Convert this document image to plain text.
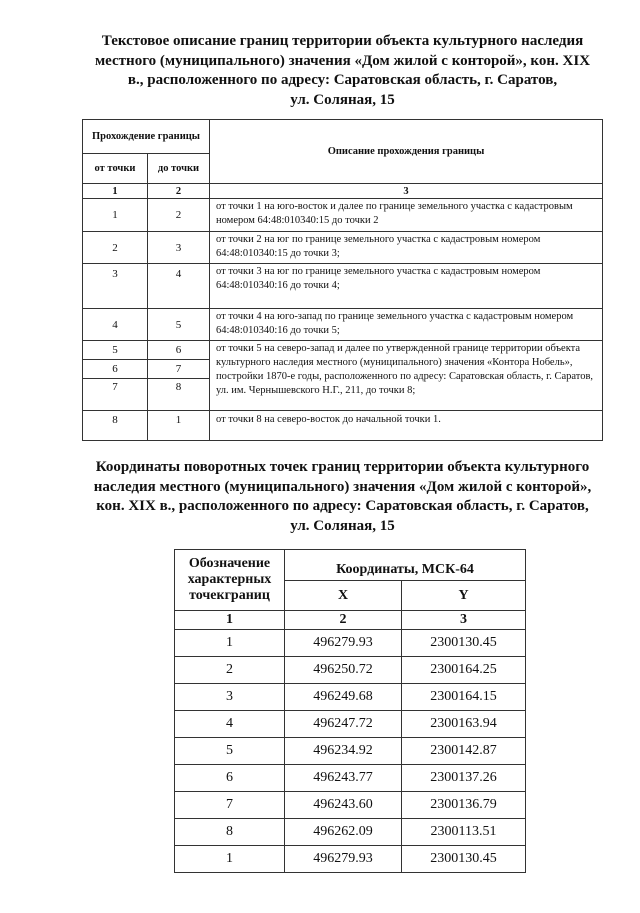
Текстовое описание границ территории объекта культурного наследия
местного (муниципального) значения «Дом жилой с конторой», кон. XIX
в., расположенного по адресу: Саратовская область, г. Саратов,
ул. Соляная, 15
Прохождение границы		Описание прохождения границы
от точки	до точки	
1	2	3
1	2	от точки 1 на юго-восток и далее по границе земельного участка с кадастровым номером 64:48:010340:15 до точки 2
2	3	от точки 2 на юг по границе земельного участка с кадастровым номером 64:48:010340:15 до точки 3;
3	4	от точки 3 на юг по границе земельного участка с кадастровым номером 64:48:010340:16 до точки 4;
4	5	от точки 4 на юго-запад по границе земельного участка с кадастровым номером 64:48:010340:16 до точки 5;
5	6	от точки 5 на северо-запад и далее по утвержденной границе территории объекта культурного наследия местного (муниципального) значения «Контора Нобель», постройки 1870-е годы, расположенного по адресу: Саратовская область, г. Саратов, ул. им. Чернышевского Н.Г., 211, до точки 8;
6	7	
7	8	
8	1	от точки 8 на северо-восток до начальной точки 1.
Координаты поворотных точек границ территории объекта культурного
наследия местного (муниципального) значения «Дом жилой с конторой»,
кон. XIX в., расположенного по адресу: Саратовская область, г. Саратов,
ул. Соляная, 15
Обозначение характерных точекграниц	Координаты, МСК-64	
	X	Y
1	2	3
1	496279.93	2300130.45
2	496250.72	2300164.25
3	496249.68	2300164.15
4	496247.72	2300163.94
5	496234.92	2300142.87
6	496243.77	2300137.26
7	496243.60	2300136.79
8	496262.09	2300113.51
1	496279.93	2300130.45
